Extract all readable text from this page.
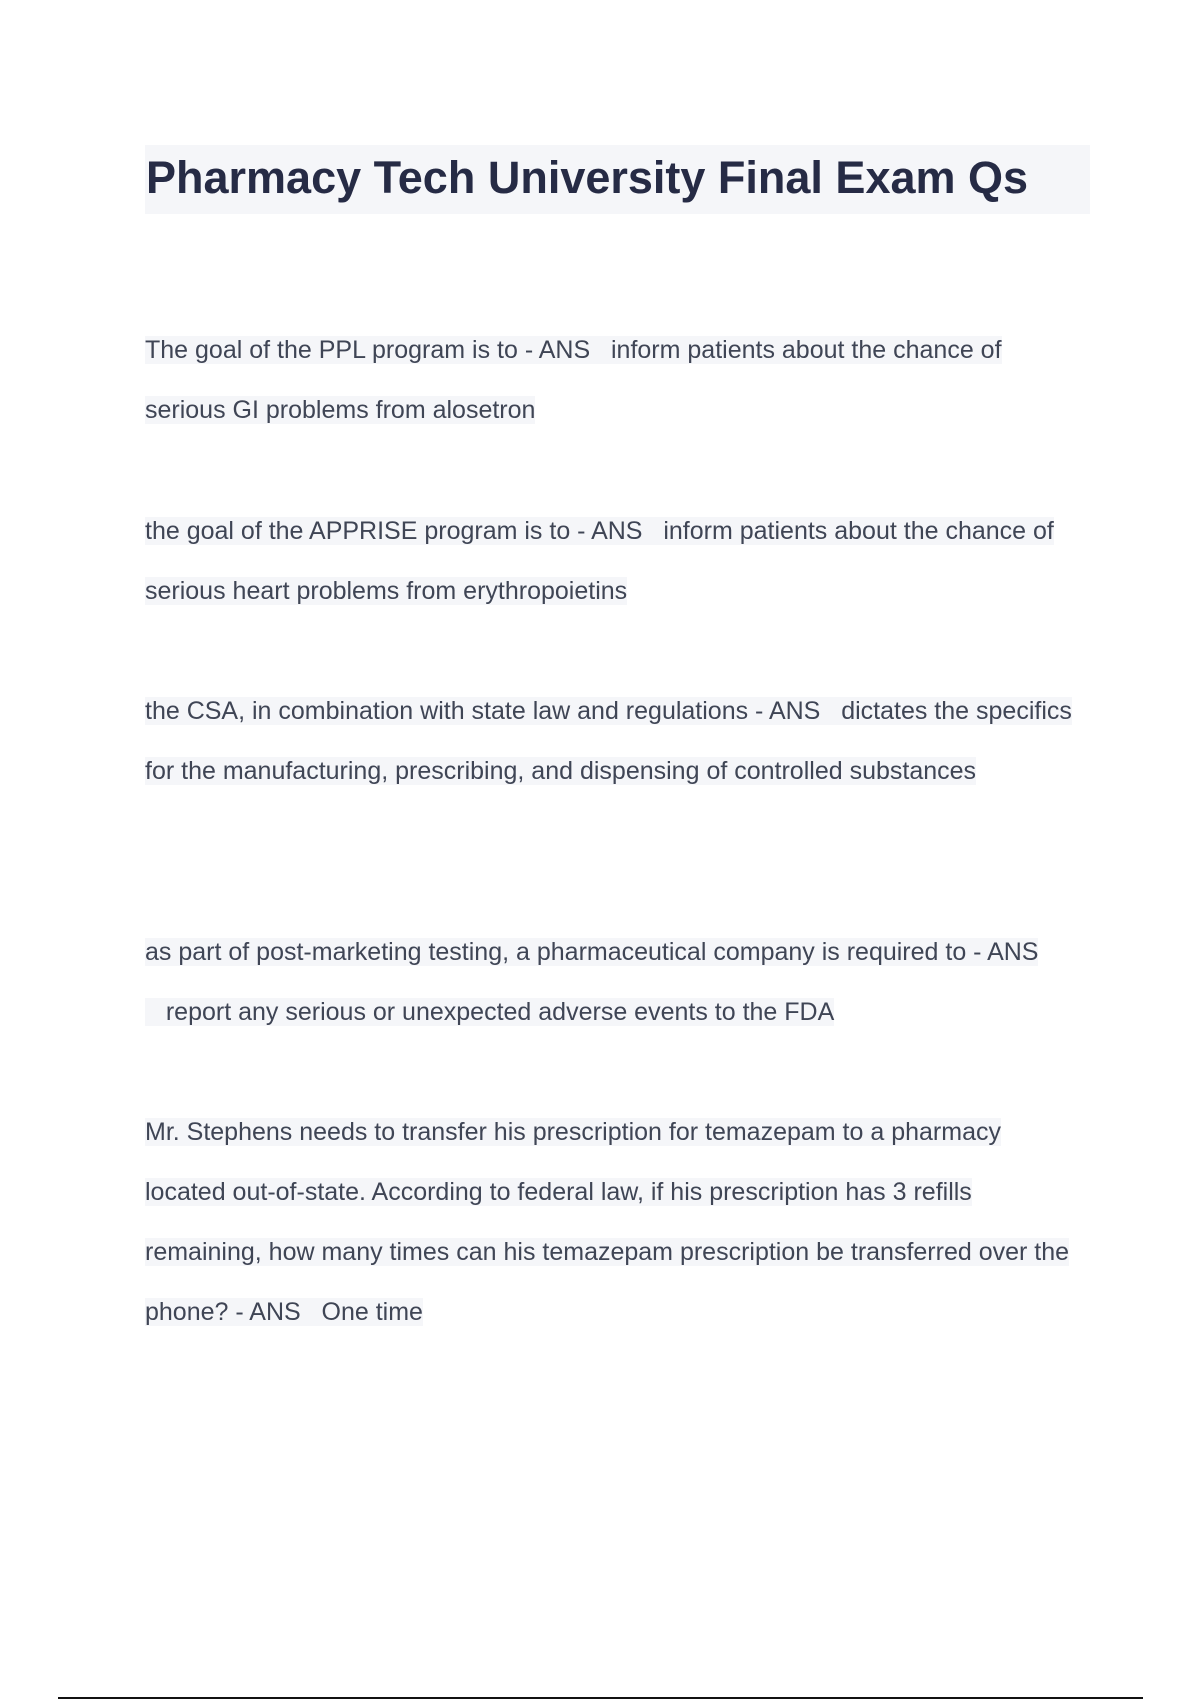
Pharmacy Tech University Final Exam Qs

The goal of the PPL program is to - ANS inform patients about the chance of serious GI problems from alosetron

the goal of the APPRISE program is to - ANS inform patients about the chance of serious heart problems from erythropoietins

the CSA, in combination with state law and regulations - ANS dictates the specifics for the manufacturing, prescribing, and dispensing of controlled substances

as part of post-marketing testing, a pharmaceutical company is required to - ANS   report any serious or unexpected adverse events to the FDA

Mr. Stephens needs to transfer his prescription for temazepam to a pharmacy located out-of-state. According to federal law, if his prescription has 3 refills remaining, how many times can his temazepam prescription be transferred over the phone? - ANS One time
